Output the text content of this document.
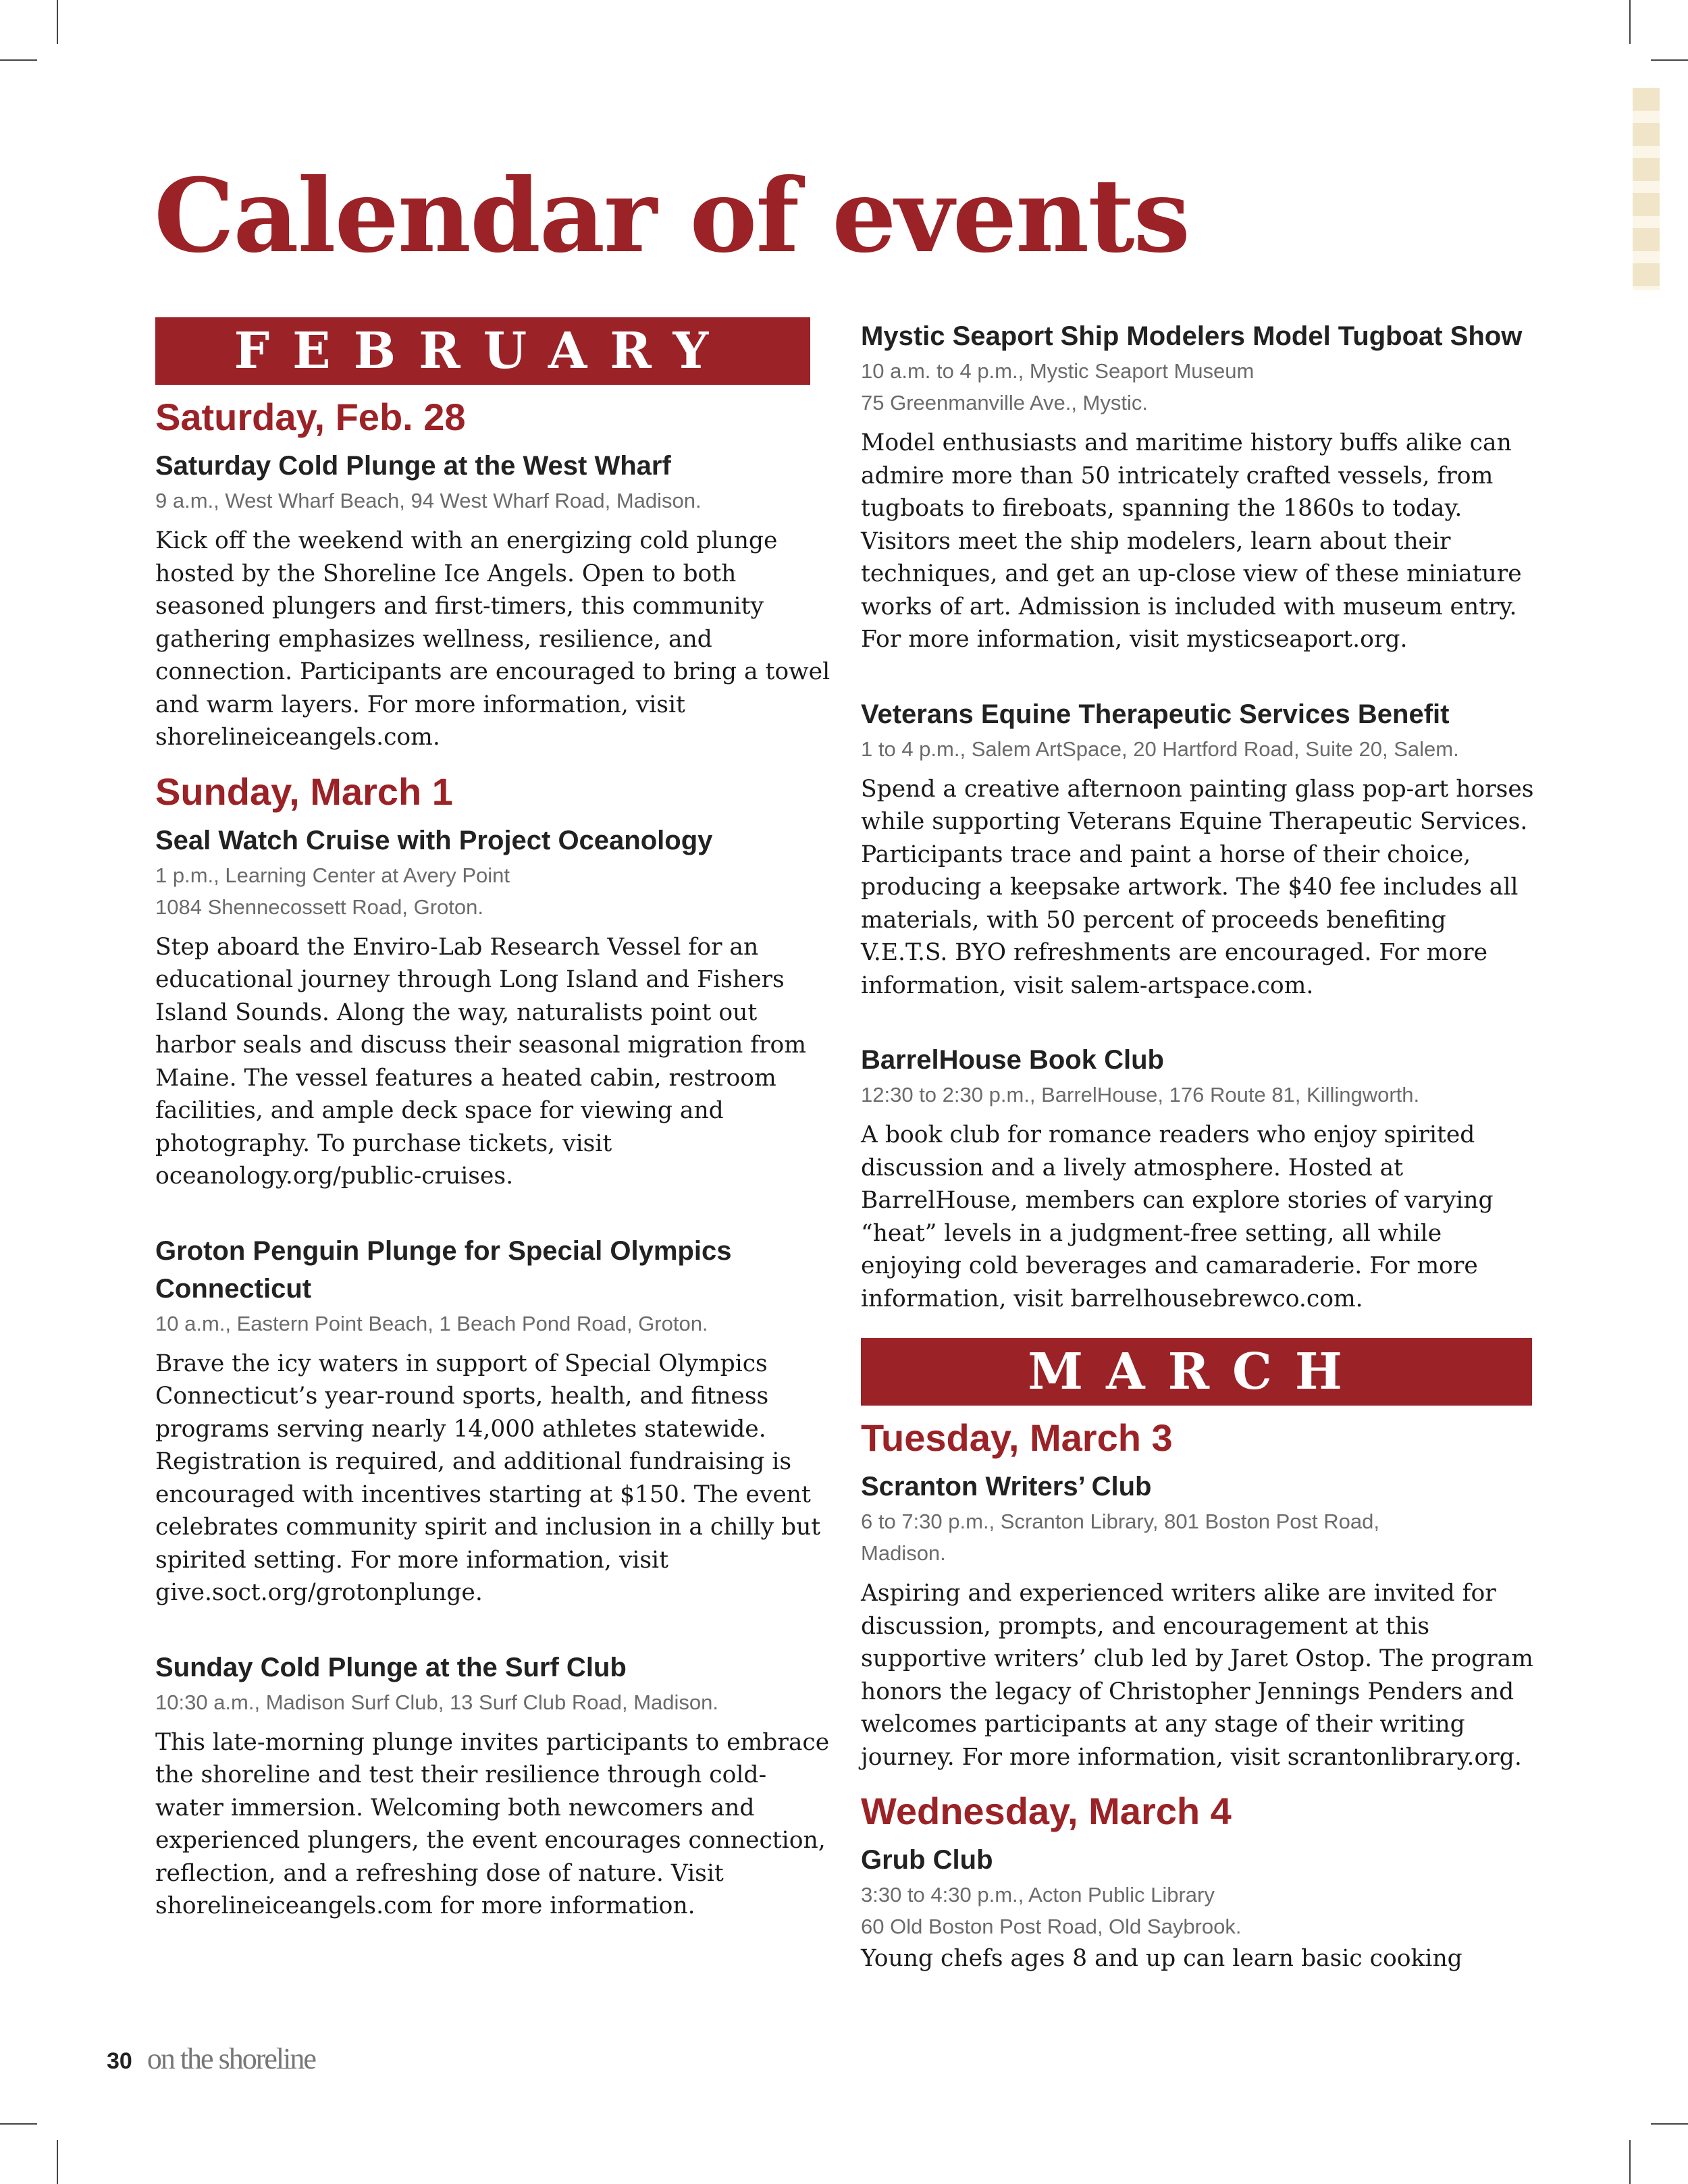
Calendar of events
FEBRUARY
Saturday, Feb. 28

Saturday Cold Plunge at the West Wharf

9 a.m., West Wharf Beach, 94 West Wharf Road, Madison.

Kick off the weekend with an energizing cold plunge hosted by the Shoreline Ice Angels. Open to both seasoned plungers and first-timers, this community gathering emphasizes wellness, resilience, and connection. Participants are encouraged to bring a towel and warm layers. For more information, visit shorelineiceangels.com.

Sunday, March 1

Seal Watch Cruise with Project Oceanology

1 p.m., Learning Center at Avery Point
1084 Shennecossett Road, Groton.

Step aboard the Enviro-Lab Research Vessel for an educational journey through Long Island and Fishers Island Sounds. Along the way, naturalists point out harbor seals and discuss their seasonal migration from Maine. The vessel features a heated cabin, restroom facilities, and ample deck space for viewing and photography. To purchase tickets, visit oceanology.org/public-cruises.

Groton Penguin Plunge for Special Olympics Connecticut

10 a.m., Eastern Point Beach, 1 Beach Pond Road, Groton.

Brave the icy waters in support of Special Olympics Connecticut’s year-round sports, health, and fitness programs serving nearly 14,000 athletes statewide. Registration is required, and additional fundraising is encouraged with incentives starting at $150. The event celebrates community spirit and inclusion in a chilly but spirited setting. For more information, visit give.soct.org/grotonplunge.

Sunday Cold Plunge at the Surf Club

10:30 a.m., Madison Surf Club, 13 Surf Club Road, Madison.

This late-morning plunge invites participants to embrace the shoreline and test their resilience through cold-water immersion. Welcoming both newcomers and experienced plungers, the event encourages connection, reflection, and a refreshing dose of nature. Visit shorelineiceangels.com for more information.

Mystic Seaport Ship Modelers Model Tugboat Show

10 a.m. to 4 p.m., Mystic Seaport Museum
75 Greenmanville Ave., Mystic.

Model enthusiasts and maritime history buffs alike can admire more than 50 intricately crafted vessels, from tugboats to fireboats, spanning the 1860s to today. Visitors meet the ship modelers, learn about their techniques, and get an up-close view of these miniature works of art. Admission is included with museum entry. For more information, visit mysticseaport.org.

Veterans Equine Therapeutic Services Benefit

1 to 4 p.m., Salem ArtSpace, 20 Hartford Road, Suite 20, Salem.

Spend a creative afternoon painting glass pop-art horses while supporting Veterans Equine Therapeutic Services. Participants trace and paint a horse of their choice, producing a keepsake artwork. The $40 fee includes all materials, with 50 percent of proceeds benefiting V.E.T.S. BYO refreshments are encouraged. For more information, visit salem-artspace.com.

BarrelHouse Book Club

12:30 to 2:30 p.m., BarrelHouse, 176 Route 81, Killingworth.

A book club for romance readers who enjoy spirited discussion and a lively atmosphere. Hosted at BarrelHouse, members can explore stories of varying “heat” levels in a judgment-free setting, all while enjoying cold beverages and camaraderie. For more information, visit barrelhousebrewco.com.

MARCH
Tuesday, March 3

Scranton Writers’ Club

6 to 7:30 p.m., Scranton Library, 801 Boston Post Road,
Madison.

Aspiring and experienced writers alike are invited for discussion, prompts, and encouragement at this supportive writers’ club led by Jaret Ostop. The program honors the legacy of Christopher Jennings Penders and welcomes participants at any stage of their writing journey. For more information, visit scrantonlibrary.org.

Wednesday, March 4

Grub Club

3:30 to 4:30 p.m., Acton Public Library
60 Old Boston Post Road, Old Saybrook.

Young chefs ages 8 and up can learn basic cooking

30 on the shoreline
